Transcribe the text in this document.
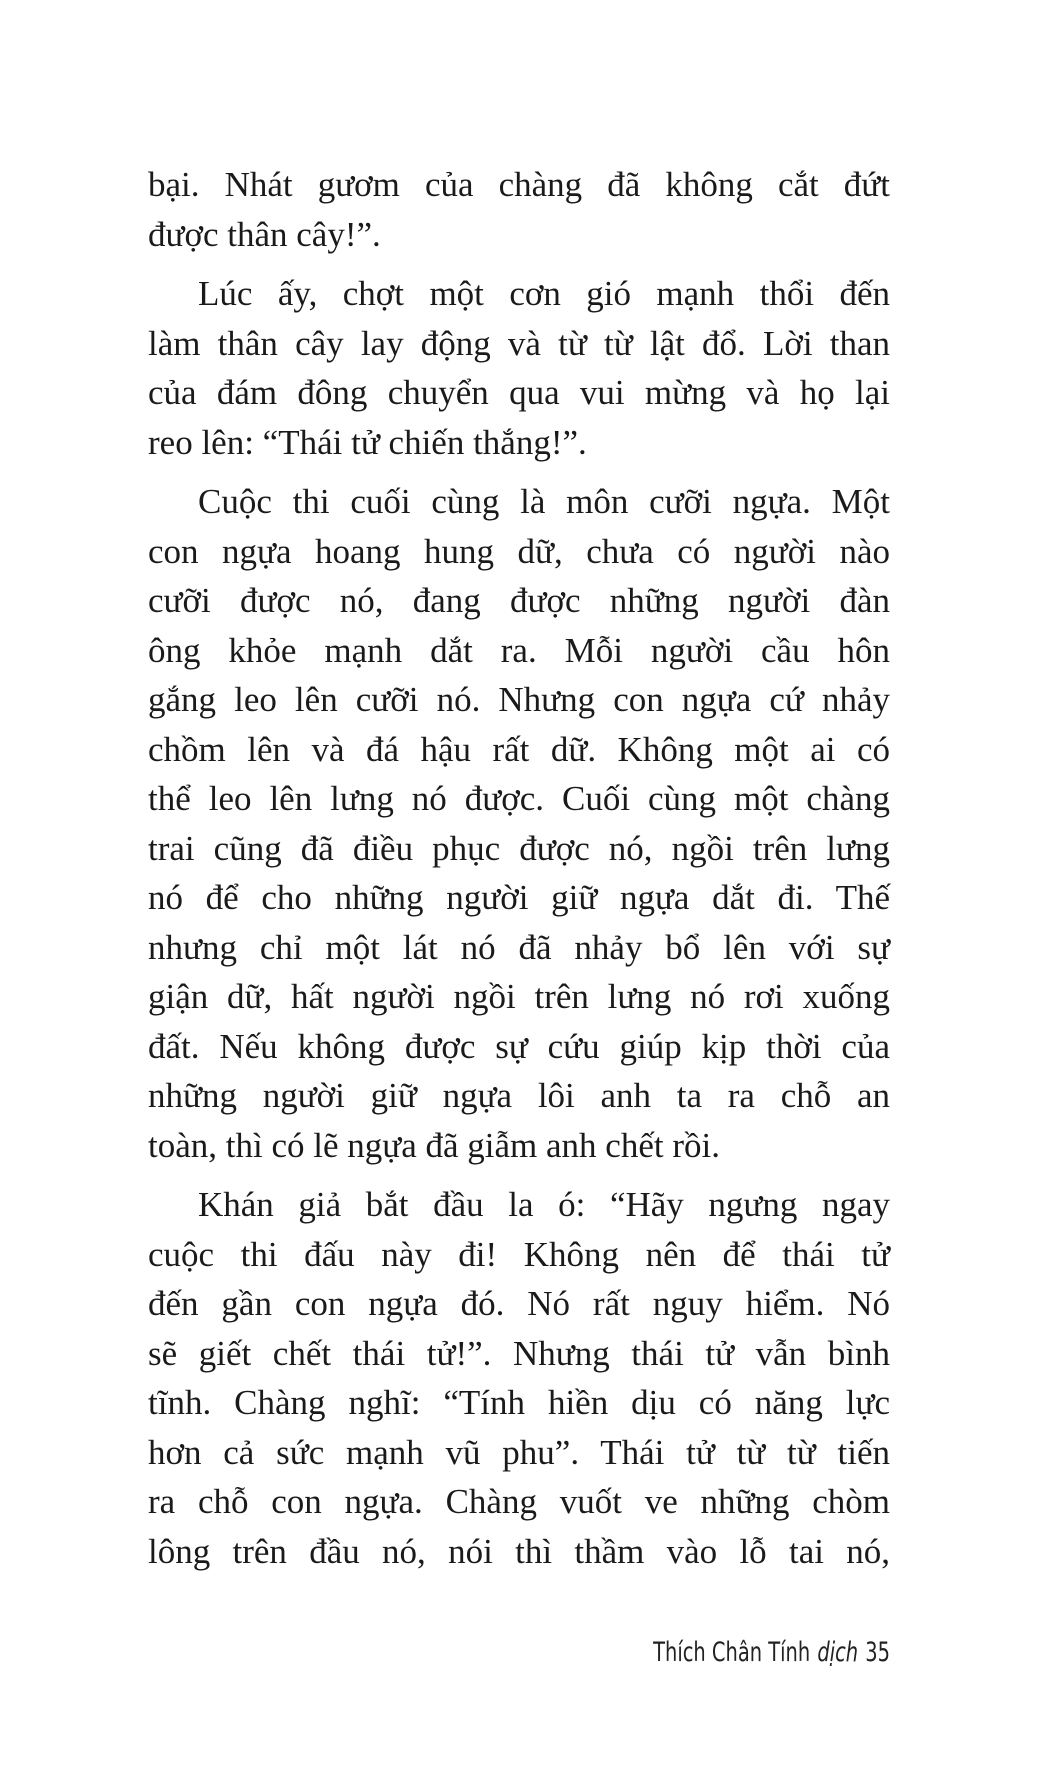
bại. Nhát gươm của chàng đã không cắt đứt
được thân cây!”.
Lúc ấy, chợt một cơn gió mạnh thổi đến
làm thân cây lay động và từ từ lật đổ. Lời than
của đám đông chuyển qua vui mừng và họ lại
reo lên: “Thái tử chiến thắng!”.
Cuộc thi cuối cùng là môn cưỡi ngựa. Một
con ngựa hoang hung dữ, chưa có người nào
cưỡi được nó, đang được những người đàn
ông khỏe mạnh dắt ra. Mỗi người cầu hôn
gắng leo lên cưỡi nó. Nhưng con ngựa cứ nhảy
chồm lên và đá hậu rất dữ. Không một ai có
thể leo lên lưng nó được. Cuối cùng một chàng
trai cũng đã điều phục được nó, ngồi trên lưng
nó để cho những người giữ ngựa dắt đi. Thế
nhưng chỉ một lát nó đã nhảy bổ lên với sự
giận dữ, hất người ngồi trên lưng nó rơi xuống
đất. Nếu không được sự cứu giúp kịp thời của
những người giữ ngựa lôi anh ta ra chỗ an
toàn, thì có lẽ ngựa đã giẫm anh chết rồi.
Khán giả bắt đầu la ó: “Hãy ngưng ngay
cuộc thi đấu này đi! Không nên để thái tử
đến gần con ngựa đó. Nó rất nguy hiểm. Nó
sẽ giết chết thái tử!”. Nhưng thái tử vẫn bình
tĩnh. Chàng nghĩ: “Tính hiền dịu có năng lực
hơn cả sức mạnh vũ phu”. Thái tử từ từ tiến
ra chỗ con ngựa. Chàng vuốt ve những chòm
lông trên đầu nó, nói thì thầm vào lỗ tai nó,
Thích Chân Tính dịch 35
